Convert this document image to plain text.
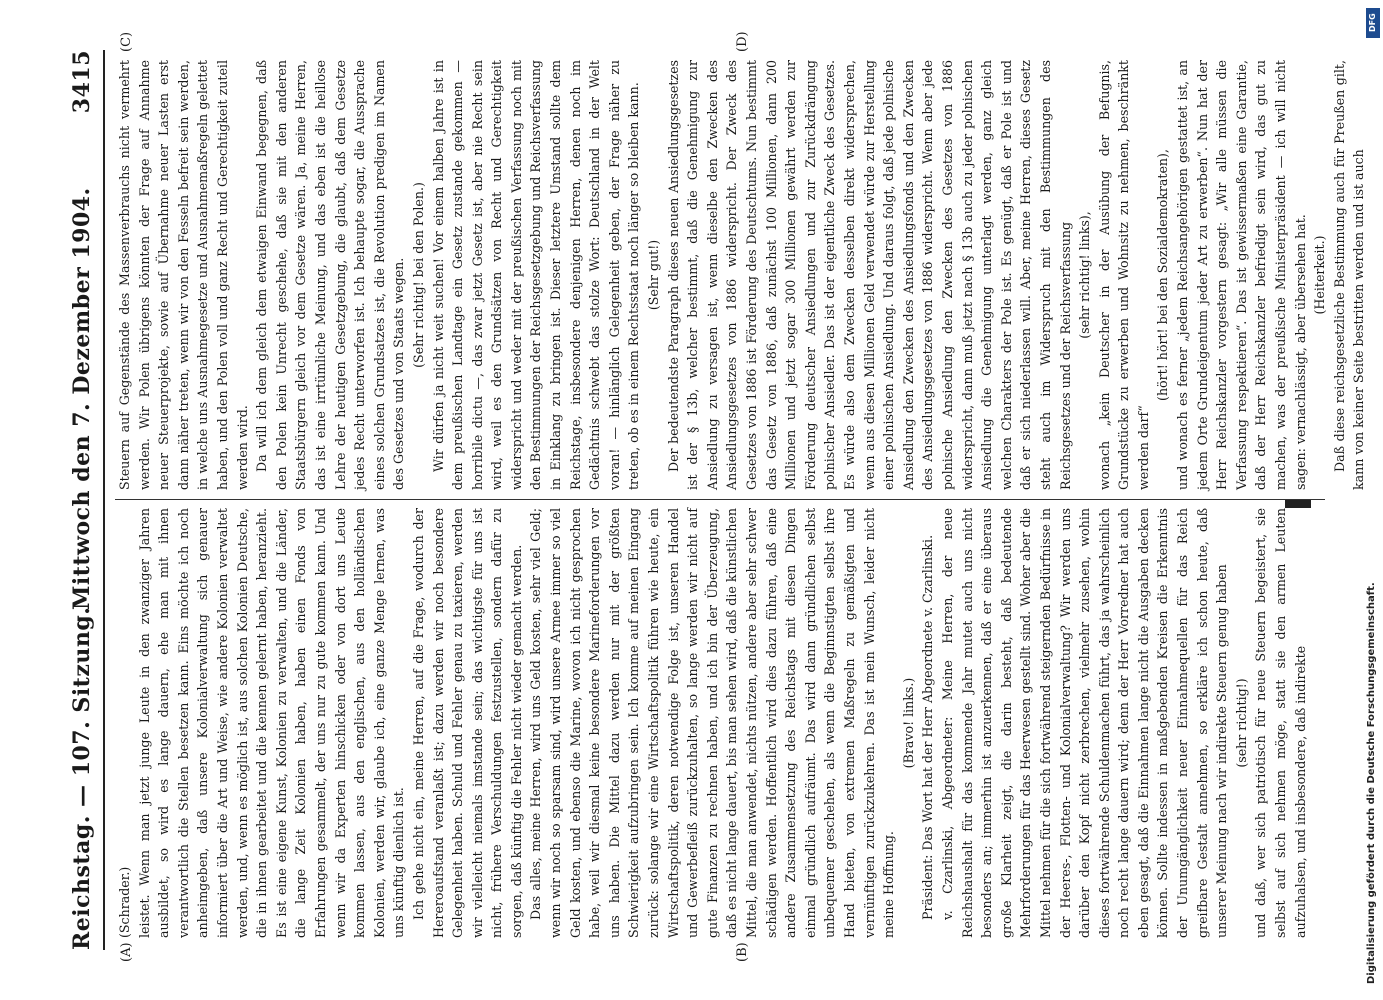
Reichstag. — 107. Sitzung.
Mittwoch den 7. Dezember 1904.
3415
(A)	(B)
(C)	(D)

(Schrader.) leistet. Wenn man jetzt junge Leute in den zwanziger Jahren ausbildet, so wird es lange dauern, ehe man mit ihnen verantwortlich die Stellen besetzen kann. Eins möchte ich noch anheimgeben, daß unsere Kolonialverwaltung sich genauer informiert über die Art und Weise, wie andere Kolonien verwaltet werden, und, wenn es möglich ist, aus solchen Kolonien Deutsche, die in ihnen gearbeitet und die kennen gelernt haben, heranzieht. Es ist eine eigene Kunst, Kolonien zu verwalten, und die Länder, die lange Zeit Kolonien haben, haben einen Fonds von Erfahrungen gesammelt, der uns nur zu gute kommen kann. Und wenn wir da Experten hinschicken oder von dort uns Leute kommen lassen, aus den englischen, aus den holländischen Kolonien, werden wir, glaube ich, eine ganze Menge lernen, was uns künftig dienlich ist. Ich gehe nicht ein, meine Herren, auf die Frage, wodurch der Hereroaufstand veranlaßt ist; dazu werden wir noch besondere Gelegenheit haben. Schuld und Fehler genau zu taxieren, werden wir vielleicht niemals imstande sein; das wichtigste für uns ist nicht, frühere Verschuldungen festzustellen, sondern dafür zu sorgen, daß künftig die Fehler nicht wieder gemacht werden. Das alles, meine Herren, wird uns Geld kosten, sehr viel Geld; wenn wir noch so sparsam sind, wird unsere Armee immer so viel Geld kosten, und ebenso die Marine, wovon ich nicht gesprochen habe, weil wir diesmal keine besondere Marineforderungen vor uns haben. Die Mittel dazu werden nur mit der größten Schwierigkeit aufzubringen sein. Ich komme auf meinen Eingang zurück: solange wir eine Wirtschaftspolitik führen wie heute, ein Wirtschaftspolitik, deren notwendige Folge ist, unseren Handel und Gewerbefleiß zurückzuhalten, so lange werden wir nicht auf gute Finanzen zu rechnen haben, und ich bin der Überzeugung, daß es nicht lange dauert, bis man sehen wird, daß die künstlichen Mittel, die man anwendet, nichts nützen, andere aber sehr schwer schädigen werden. Hoffentlich wird dies dazu führen, daß eine andere Zusammensetzung des Reichstags mit diesen Dingen einmal gründlich aufräumt. Das wird dann gründlichen selbst unbequemer geschehen, als wenn die Beginnstigten selbst ihre Hand bieten, von extremen Maßregeln zu gemäßigten und vernünftigen zurückzukehren. Das ist mein Wunsch, leider nicht meine Hoffnung.

(Bravo! links.) Präsident: Das Wort hat der Herr Abgeordnete v. Czarlinski. v. Czarlinski, Abgeordneter: Meine Herren, der neue Reichshaushalt für das kommende Jahr mutet auch uns nicht besonders an; immerhin ist anzuerkennen, daß er eine überaus große Klarheit zeigt, die darin besteht, daß bedeutende Mehrforderungen für das Heerwesen gestellt sind. Woher aber die Mittel nehmen für die sich fortwährend steigernden Bedürfnisse in der Heeres-, Flotten- und Kolonialverwaltung? Wir werden uns darüber den Kopf nicht zerbrechen, vielmehr zusehen, wohin dieses fortwährende Schuldenmachen führt, das ja wahrscheinlich noch recht lange dauern wird; denn der Herr Vorredner hat auch eben gesagt, daß die Einnahmen lange nicht die Ausgaben decken können. Sollte indessen in maßgebenden Kreisen die Erkenntnis der Unumgänglichkeit neuer Einnahmequellen für das Reich greifbare Gestalt annehmen, so erkläre ich schon heute, daß unserer Meinung nach wir indirekte Steuern genug haben (sehr richtig!) und daß, wer sich patriotisch für neue Steuern begeistert, sie selbst auf sich nehmen möge, statt sie den armen Leuten aufzuhalsen, und insbesondere, daß indirekte

Steuern auf Gegenstände des Massenverbrauchs nicht vermehrt werden. Wir Polen übrigens könnten der Frage auf Annahme neuer Steuerprojekte, sowie auf Übernahme neuer Lasten erst dann näher treten, wenn wir von den Fesseln befreit sein werden, in welche uns Ausnahmegesetze und Ausnahmemaßregeln gelettet haben, und den Polen voll und ganz Recht und Gerechtigkeit zuteil werden wird. Da will ich dem gleich dem etwaigen Einwand begegnen, daß den Polen kein Unrecht geschehe, daß sie mit den anderen Staatsbürgern gleich vor dem Gesetze wären. Ja, meine Herren, das ist eine irrtümliche Meinung, und das eben ist die heillose Lehre der heutigen Gesetzgebung, die glaubt, daß dem Gesetze jedes Recht unterworfen ist. Ich behaupte sogar, die Aussprache eines solchen Grundsatzes ist, die Revolution predigen im Namen des Gesetzes und von Staats wegen. (Sehr richtig! bei den Polen.) Wir dürfen ja nicht weit suchen! Vor einem halben Jahre ist in dem preußischen Landtage ein Gesetz zustande gekommen — horribile dictu —, das zwar jetzt Gesetz ist, aber nie Recht sein wird, weil es den Grundsätzen von Recht und Gerechtigkeit widerspricht und weder mit der preußischen Verfassung noch mit den Bestimmungen der Reichsgesetzgebung und Reichsverfassung in Einklang zu bringen ist. Dieser letztere Umstand sollte dem Reichstage, insbesondere denjenigen Herren, denen noch im Gedächtnis schwebt das stolze Wort: Deutschland in der Welt voran! — hinlänglich Gelegenheit geben, der Frage näher zu treten, ob es in einem Rechtsstaat noch länger so bleiben kann. (Sehr gut!) Der bedeutendste Paragraph dieses neuen Ansiedlungsgesetzes ist der § 13b, welcher bestimmt, daß die Genehmigung zur Ansiedlung zu versagen ist, wenn dieselbe den Zwecken des Ansiedlungsgesetzes von 1886 widerspricht. Der Zweck des Gesetzes von 1886 ist Förderung des Deutschtums. Nun bestimmt das Gesetz von 1886, daß zunächst 100 Millionen, dann 200 Millionen und jetzt sogar 300 Millionen gewährt werden zur Förderung deutscher Ansiedlungen und zur Zurückdrängung polnischer Ansiedler. Das ist der eigentliche Zweck des Gesetzes. Es würde also dem Zwecken desselben direkt widersprechen, wenn aus diesen Millionen Geld verwendet würde zur Herstellung einer polnischen Ansiedlung. Und daraus folgt, daß jede polnische Ansiedlung den Zwecken des Ansiedlungsfonds und den Zwecken des Ansiedlungsgesetzes von 1886 widerspricht. Wenn aber jede polnische Ansiedlung den Zwecken des Gesetzes von 1886 widerspricht, dann muß jetzt nach § 13b auch zu jeder polnischen Ansiedlung die Genehmigung unterlagt werden, ganz gleich welchen Charakters der Pole ist. Es genügt, daß er Pole ist und daß er sich niederlassen will. Aber, meine Herren, dieses Gesetz steht auch im Widerspruch mit den Bestimmungen des Reichsgesetzes und der Reichsverfassung (sehr richtig! links), wonach „kein Deutscher in der Ausübung der Befugnis, Grundstücke zu erwerben und Wohnsitz zu nehmen, beschränkt werden darf“

(hört! hört! bei den Sozialdemokraten), und wonach es ferner „jedem Reichsangehörigen gestattet ist, an jedem Orte Grundeigentum jeder Art zu erwerben“. Nun hat der Herr Reichskanzler vorgestern gesagt: „Wir alle müssen die Verfassung respektieren“. Das ist gewissermaßen eine Garantie, daß der Herr Reichskanzler befriedigt sein wird, das gut zu machen, was der preußische Ministerpräsident — ich will nicht sagen: vernachlässigt, aber übersehen hat. (Heiterkeit.) Daß diese reichsgesetzliche Bestimmung auch für Preußen gilt, kann von keiner Seite bestritten werden und ist auch

DFG
Digitalisierung gefördert durch die Deutsche Forschungsgemeinschaft.
